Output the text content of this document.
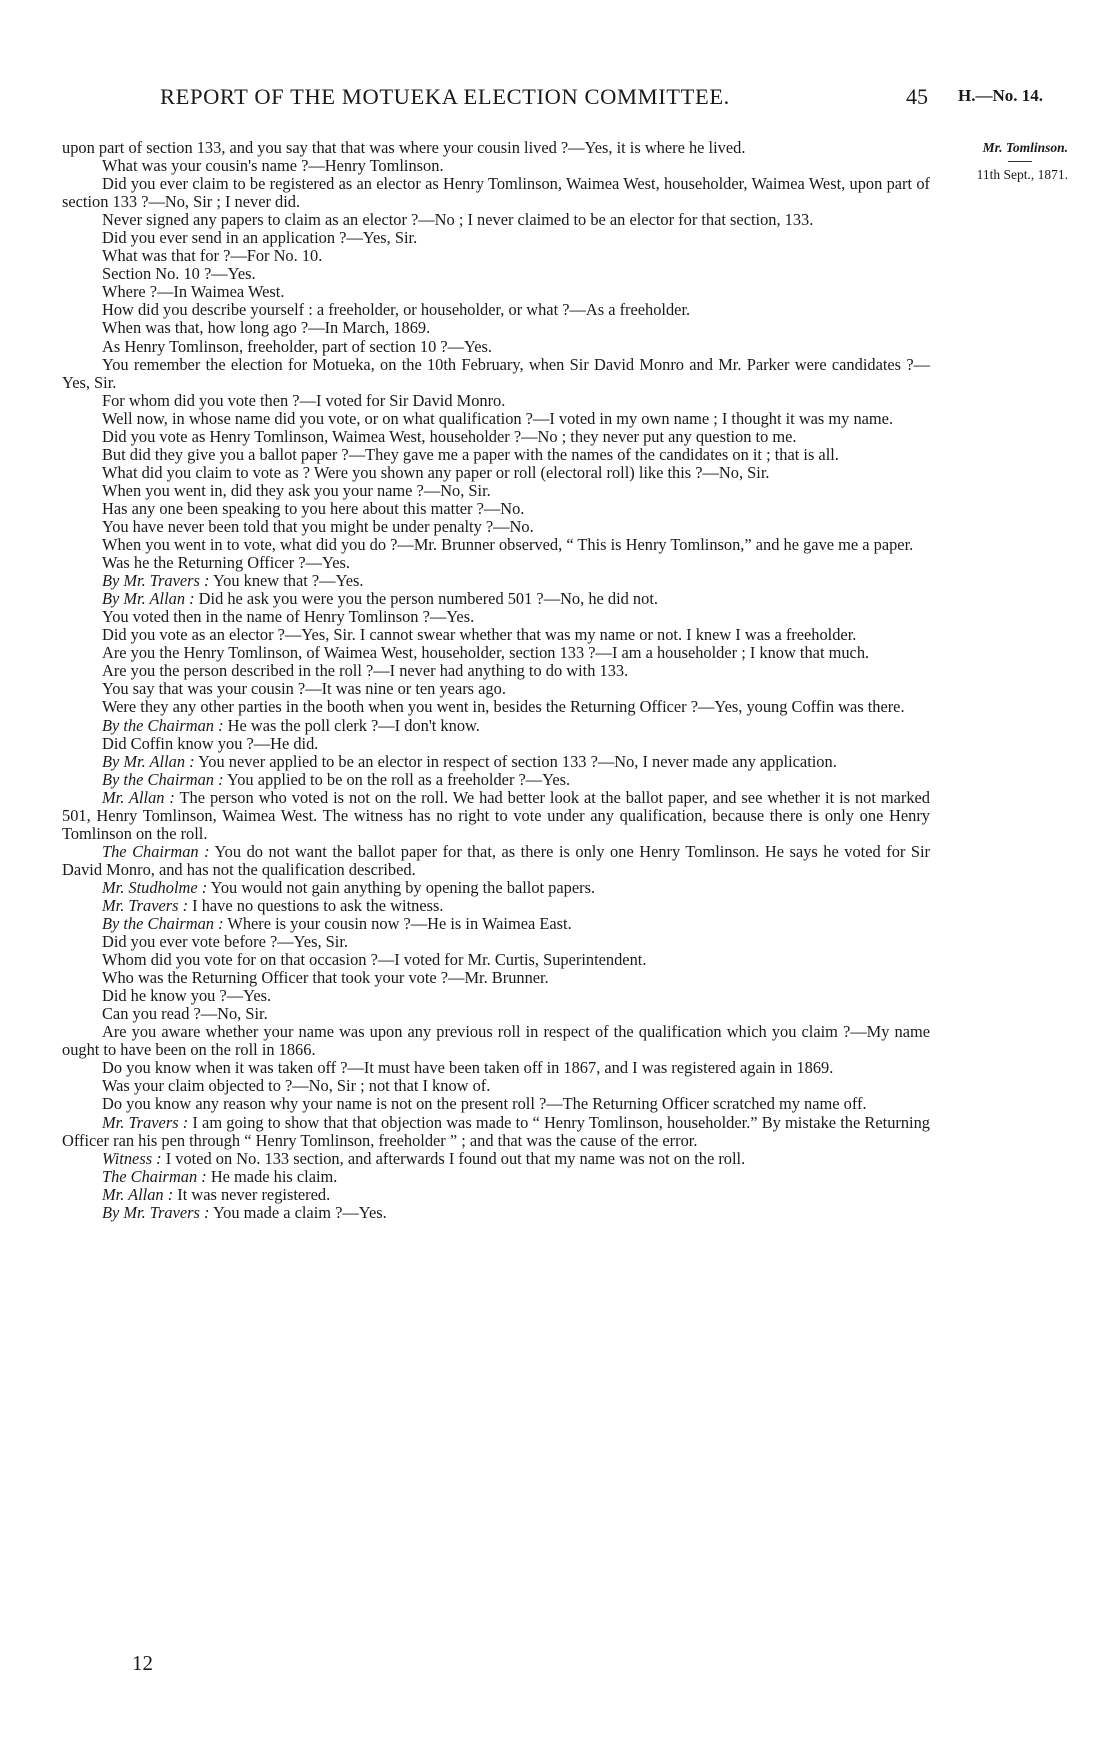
REPORT OF THE MOTUEKA ELECTION COMMITTEE.	45 H.—No. 14.
Mr. Tomlinson.
11th Sept., 1871.

upon part of section 133, and you say that that was where your cousin lived ?—Yes, it is where he lived.

What was your cousin's name ?—Henry Tomlinson.

Did you ever claim to be registered as an elector as Henry Tomlinson, Waimea West, householder, Waimea West, upon part of section 133 ?—No, Sir ; I never did.

Never signed any papers to claim as an elector ?—No ; I never claimed to be an elector for that section, 133.

Did you ever send in an application ?—Yes, Sir.

What was that for ?—For No. 10.

Section No. 10 ?—Yes.

Where ?—In Waimea West.

How did you describe yourself : a freeholder, or householder, or what ?—As a freeholder.

When was that, how long ago ?—In March, 1869.

As Henry Tomlinson, freeholder, part of section 10 ?—Yes.

You remember the election for Motueka, on the 10th February, when Sir David Monro and Mr. Parker were candidates ?—Yes, Sir.

For whom did you vote then ?—I voted for Sir David Monro.

Well now, in whose name did you vote, or on what qualification ?—I voted in my own name ; I thought it was my name.

Did you vote as Henry Tomlinson, Waimea West, householder ?—No ; they never put any question to me.

But did they give you a ballot paper ?—They gave me a paper with the names of the candidates on it ; that is all.

What did you claim to vote as ? Were you shown any paper or roll (electoral roll) like this ?—No, Sir.

When you went in, did they ask you your name ?—No, Sir.

Has any one been speaking to you here about this matter ?—No.

You have never been told that you might be under penalty ?—No.

When you went in to vote, what did you do ?—Mr. Brunner observed, “ This is Henry Tomlinson,” and he gave me a paper.

Was he the Returning Officer ?—Yes.

By Mr. Travers : You knew that ?—Yes.

By Mr. Allan : Did he ask you were you the person numbered 501 ?—No, he did not.

You voted then in the name of Henry Tomlinson ?—Yes.

Did you vote as an elector ?—Yes, Sir. I cannot swear whether that was my name or not. I knew I was a freeholder.

Are you the Henry Tomlinson, of Waimea West, householder, section 133 ?—I am a householder ; I know that much.

Are you the person described in the roll ?—I never had anything to do with 133.

You say that was your cousin ?—It was nine or ten years ago.

Were they any other parties in the booth when you went in, besides the Returning Officer ?—Yes, young Coffin was there.

By the Chairman : He was the poll clerk ?—I don't know.

Did Coffin know you ?—He did.

By Mr. Allan : You never applied to be an elector in respect of section 133 ?—No, I never made any application.

By the Chairman : You applied to be on the roll as a freeholder ?—Yes.

Mr. Allan : The person who voted is not on the roll. We had better look at the ballot paper, and see whether it is not marked 501, Henry Tomlinson, Waimea West. The witness has no right to vote under any qualification, because there is only one Henry Tomlinson on the roll.

The Chairman : You do not want the ballot paper for that, as there is only one Henry Tomlinson. He says he voted for Sir David Monro, and has not the qualification described.

Mr. Studholme : You would not gain anything by opening the ballot papers.

Mr. Travers : I have no questions to ask the witness.

By the Chairman : Where is your cousin now ?—He is in Waimea East.

Did you ever vote before ?—Yes, Sir.

Whom did you vote for on that occasion ?—I voted for Mr. Curtis, Superintendent.

Who was the Returning Officer that took your vote ?—Mr. Brunner.

Did he know you ?—Yes.

Can you read ?—No, Sir.

Are you aware whether your name was upon any previous roll in respect of the qualification which you claim ?—My name ought to have been on the roll in 1866.

Do you know when it was taken off ?—It must have been taken off in 1867, and I was registered again in 1869.

Was your claim objected to ?—No, Sir ; not that I know of.

Do you know any reason why your name is not on the present roll ?—The Returning Officer scratched my name off.

Mr. Travers : I am going to show that that objection was made to “ Henry Tomlinson, householder.” By mistake the Returning Officer ran his pen through “ Henry Tomlinson, freeholder ” ; and that was the cause of the error.

Witness : I voted on No. 133 section, and afterwards I found out that my name was not on the roll.

The Chairman : He made his claim.

Mr. Allan : It was never registered.

By Mr. Travers : You made a claim ?—Yes.

12
